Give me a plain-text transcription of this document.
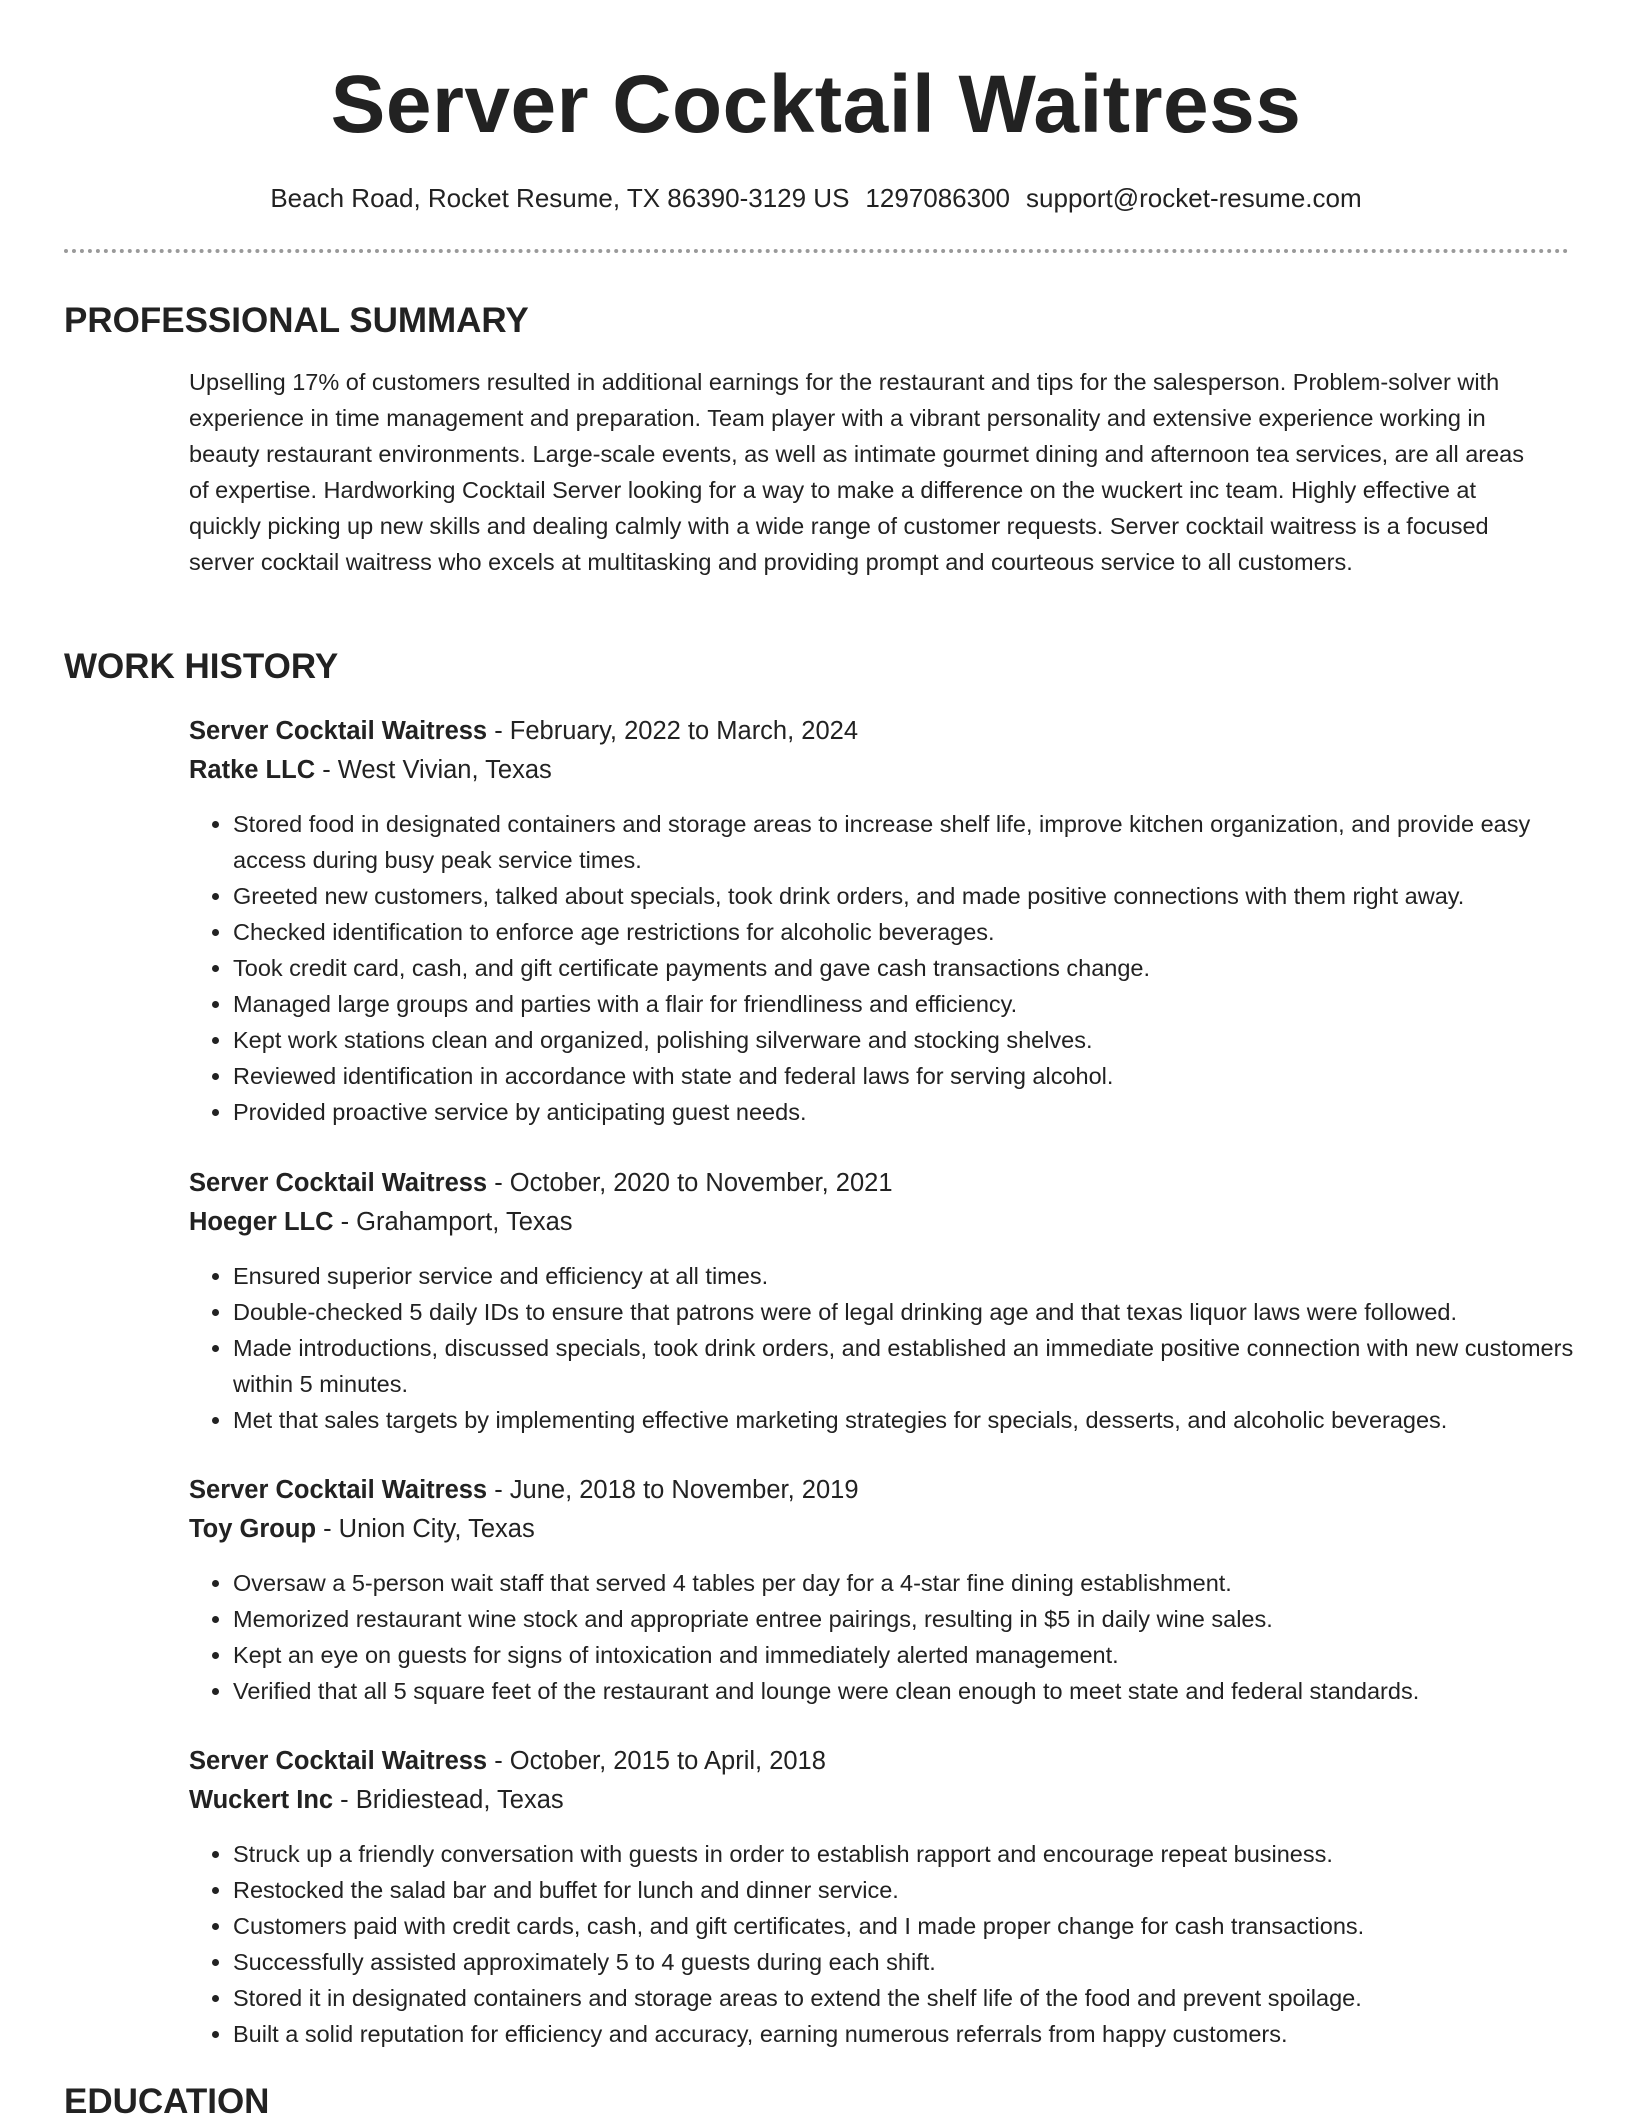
Server Cocktail Waitress
Beach Road, Rocket Resume, TX 86390-3129 US 1297086300 support@rocket-resume.com
PROFESSIONAL SUMMARY
Upselling 17% of customers resulted in additional earnings for the restaurant and tips for the salesperson. Problem-solver with experience in time management and preparation. Team player with a vibrant personality and extensive experience working in beauty restaurant environments. Large-scale events, as well as intimate gourmet dining and afternoon tea services, are all areas of expertise. Hardworking Cocktail Server looking for a way to make a difference on the wuckert inc team. Highly effective at quickly picking up new skills and dealing calmly with a wide range of customer requests. Server cocktail waitress is a focused server cocktail waitress who excels at multitasking and providing prompt and courteous service to all customers.
WORK HISTORY
Server Cocktail Waitress - February, 2022 to March, 2024
Ratke LLC - West Vivian, Texas
• Stored food in designated containers and storage areas to increase shelf life, improve kitchen organization, and provide easy access during busy peak service times.
• Greeted new customers, talked about specials, took drink orders, and made positive connections with them right away.
• Checked identification to enforce age restrictions for alcoholic beverages.
• Took credit card, cash, and gift certificate payments and gave cash transactions change.
• Managed large groups and parties with a flair for friendliness and efficiency.
• Kept work stations clean and organized, polishing silverware and stocking shelves.
• Reviewed identification in accordance with state and federal laws for serving alcohol.
• Provided proactive service by anticipating guest needs.
Server Cocktail Waitress - October, 2020 to November, 2021
Hoeger LLC - Grahamport, Texas
• Ensured superior service and efficiency at all times.
• Double-checked 5 daily IDs to ensure that patrons were of legal drinking age and that texas liquor laws were followed.
• Made introductions, discussed specials, took drink orders, and established an immediate positive connection with new customers within 5 minutes.
• Met that sales targets by implementing effective marketing strategies for specials, desserts, and alcoholic beverages.
Server Cocktail Waitress - June, 2018 to November, 2019
Toy Group - Union City, Texas
• Oversaw a 5-person wait staff that served 4 tables per day for a 4-star fine dining establishment.
• Memorized restaurant wine stock and appropriate entree pairings, resulting in $5 in daily wine sales.
• Kept an eye on guests for signs of intoxication and immediately alerted management.
• Verified that all 5 square feet of the restaurant and lounge were clean enough to meet state and federal standards.
Server Cocktail Waitress - October, 2015 to April, 2018
Wuckert Inc - Bridiestead, Texas
• Struck up a friendly conversation with guests in order to establish rapport and encourage repeat business.
• Restocked the salad bar and buffet for lunch and dinner service.
• Customers paid with credit cards, cash, and gift certificates, and I made proper change for cash transactions.
• Successfully assisted approximately 5 to 4 guests during each shift.
• Stored it in designated containers and storage areas to extend the shelf life of the food and prevent spoilage.
• Built a solid reputation for efficiency and accuracy, earning numerous referrals from happy customers.
EDUCATION
